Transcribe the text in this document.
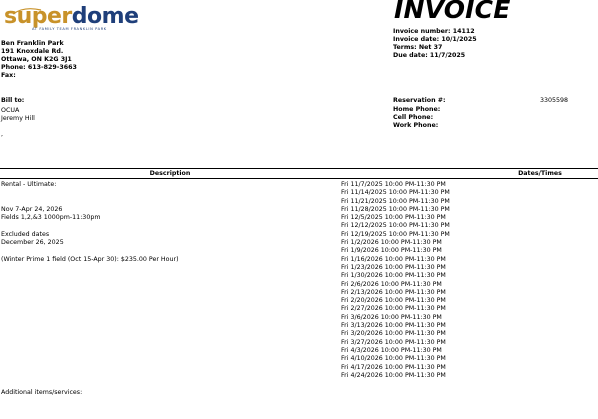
superdome
AT FAMILY TEAM FRANKLIN PARK
INVOICE
Ben Franklin Park
191 Knoxdale Rd.
Ottawa, ON K2G 3J1
Phone: 613-829-3663
Fax:
Invoice number: 14112
Invoice date: 10/1/2025
Terms: Net 37
Due date: 11/7/2025
Bill to:
OCUA
Jeremy Hill
,
Reservation #:	3305598
Home Phone:
Cell Phone:
Work Phone:
Description	Dates/Times
Rental - Ultimate:
Nov 7-Apr 24, 2026
Fields 1,2,&3 1000pm-11:30pm
Excluded dates
December 26, 2025
(Winter Prime 1 field (Oct 15-Apr 30): $235.00 Per Hour)
Fri 11/7/2025 10:00 PM-11:30 PM
Fri 11/14/2025 10:00 PM-11:30 PM
Fri 11/21/2025 10:00 PM-11:30 PM
Fri 11/28/2025 10:00 PM-11:30 PM
Fri 12/5/2025 10:00 PM-11:30 PM
Fri 12/12/2025 10:00 PM-11:30 PM
Fri 12/19/2025 10:00 PM-11:30 PM
Fri 1/2/2026 10:00 PM-11:30 PM
Fri 1/9/2026 10:00 PM-11:30 PM
Fri 1/16/2026 10:00 PM-11:30 PM
Fri 1/23/2026 10:00 PM-11:30 PM
Fri 1/30/2026 10:00 PM-11:30 PM
Fri 2/6/2026 10:00 PM-11:30 PM
Fri 2/13/2026 10:00 PM-11:30 PM
Fri 2/20/2026 10:00 PM-11:30 PM
Fri 2/27/2026 10:00 PM-11:30 PM
Fri 3/6/2026 10:00 PM-11:30 PM
Fri 3/13/2026 10:00 PM-11:30 PM
Fri 3/20/2026 10:00 PM-11:30 PM
Fri 3/27/2026 10:00 PM-11:30 PM
Fri 4/3/2026 10:00 PM-11:30 PM
Fri 4/10/2026 10:00 PM-11:30 PM
Fri 4/17/2026 10:00 PM-11:30 PM
Fri 4/24/2026 10:00 PM-11:30 PM
Additional items/services:
